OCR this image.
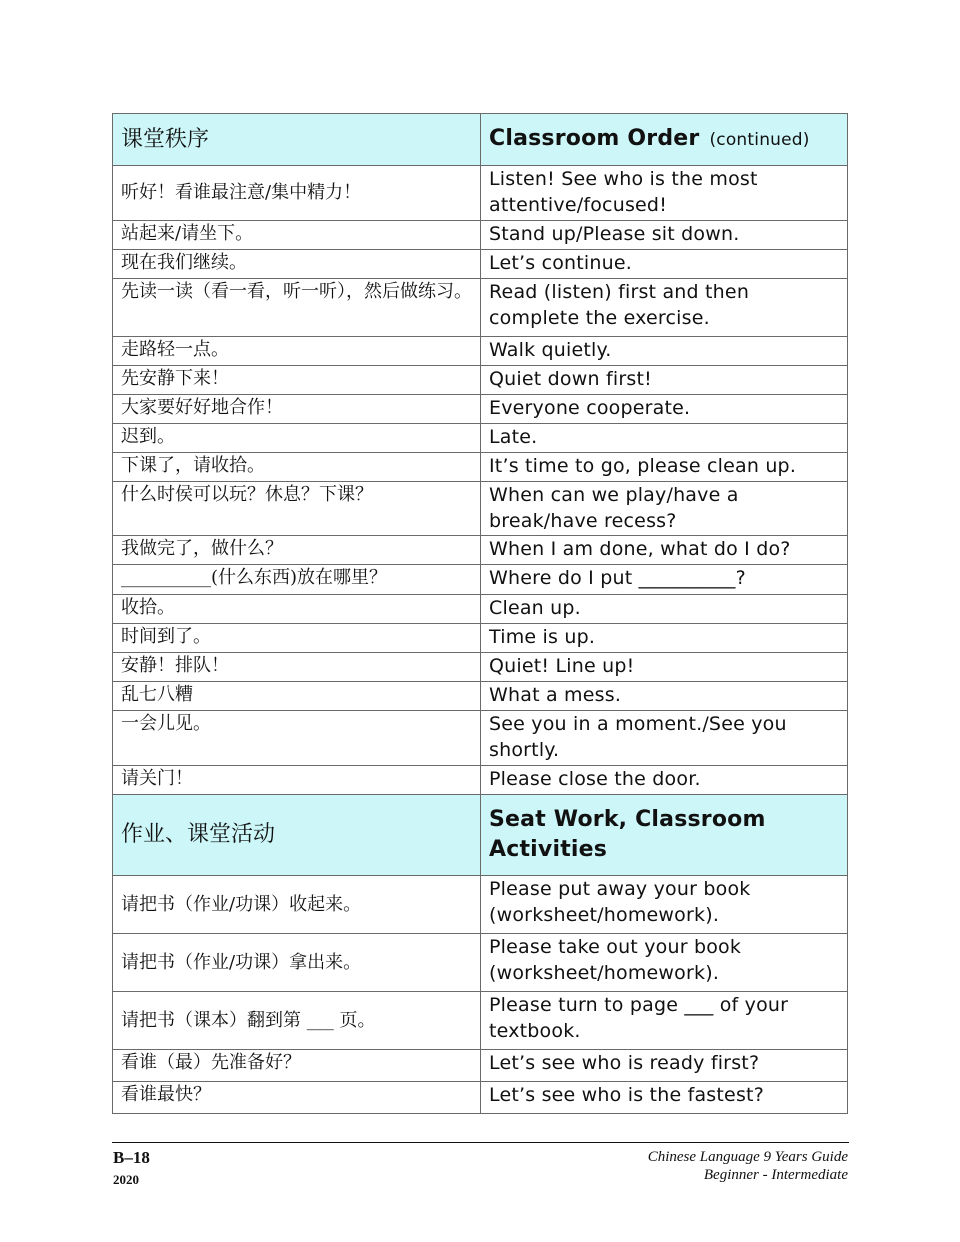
课堂秩序	Classroom Order (continued)
听好！看谁最注意/集中精力！	Listen! See who is the most attentive/focused!
站起来/请坐下。	Stand up/Please sit down.
现在我们继续。	Let’s continue.
先读一读（看一看，听一听），然后做练习。	Read (listen) first and then complete the exercise.
走路轻一点。	Walk quietly.
先安静下来！	Quiet down first!
大家要好好地合作！	Everyone cooperate.
迟到。	Late.
下课了，请收拾。	It’s time to go, please clean up.
什么时侯可以玩？休息？下课？	When can we play/have a break/have recess?
我做完了，做什么？	When I am done, what do I do?
__________(什么东西)放在哪里？	Where do I put __________?
收拾。	Clean up.
时间到了。	Time is up.
安静！排队！	Quiet! Line up!
乱七八糟	What a mess.
一会儿见。	See you in a moment./See you shortly.
请关门！	Please close the door.
作业、课堂活动	Seat Work, Classroom Activities
请把书（作业/功课）收起来。	Please put away your book (worksheet/homework).
请把书（作业/功课）拿出来。	Please take out your book (worksheet/homework).
请把书（课本）翻到第 ___ 页。	Please turn to page ___ of your textbook.
看谁（最）先准备好？	Let’s see who is ready first?
看谁最快？	Let’s see who is the fastest?
B–18
2020
Chinese Language 9 Years Guide
Beginner - Intermediate
